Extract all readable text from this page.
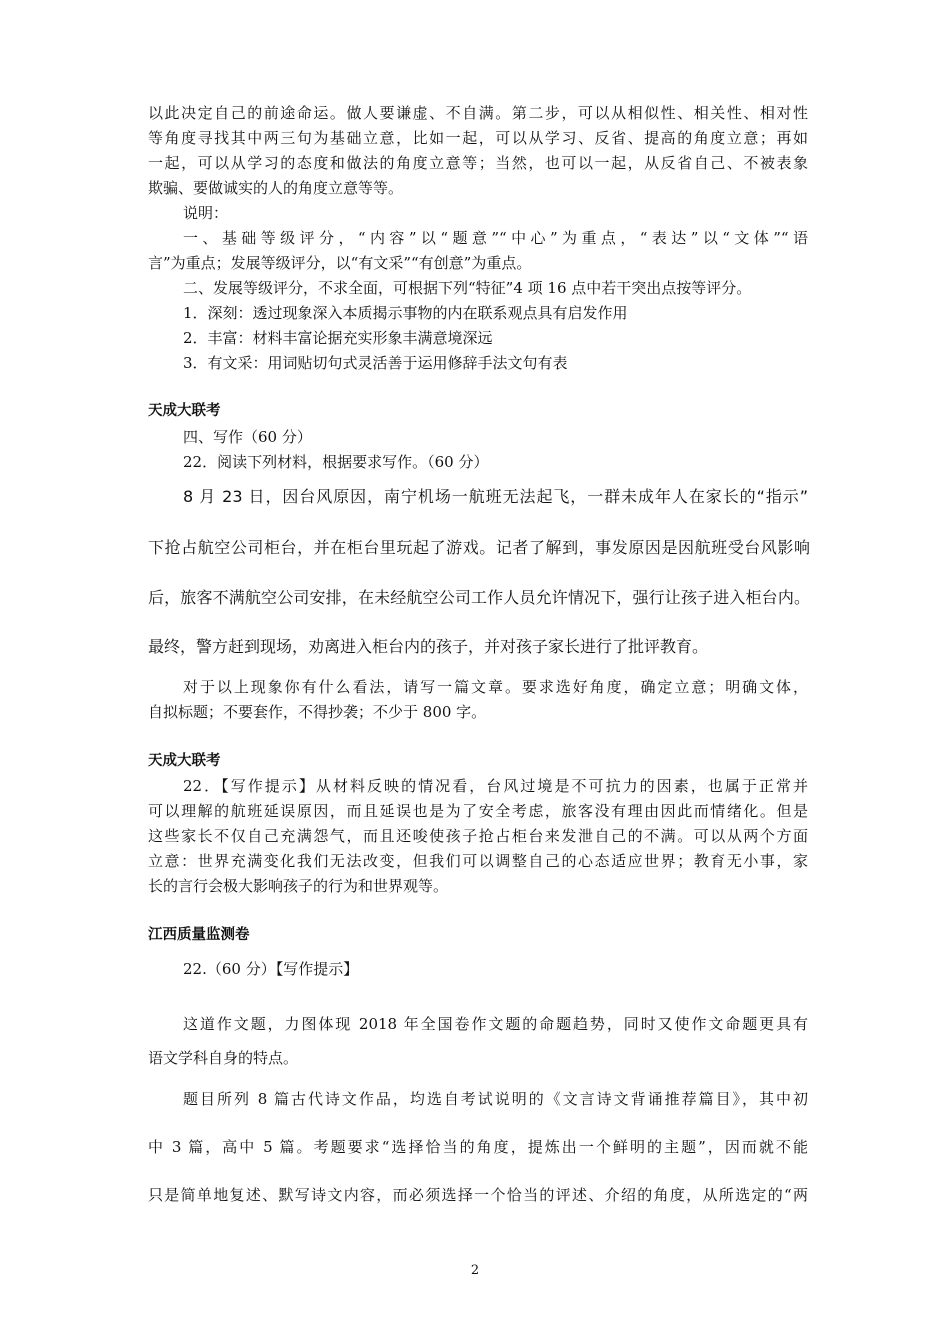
以此决定自己的前途命运。做人要谦虚、不自满。第二步，可以从相似性、相关性、相对性
等角度寻找其中两三句为基础立意，比如一起，可以从学习、反省、提高的角度立意；再如
一起，可以从学习的态度和做法的角度立意等；当然，也可以一起，从反省自己、不被表象
欺骗、要做诚实的人的角度立意等等。
说明：
一、基础等级评分，“内容”以“题意”“中心”为重点，“表达”以“文体”“语
言”为重点；发展等级评分，以“有文采”“有创意”为重点。
二、发展等级评分，不求全面，可根据下列“特征”4 项 16 点中若干突出点按等评分。
1．深刻：透过现象深入本质揭示事物的内在联系观点具有启发作用
2．丰富：材料丰富论据充实形象丰满意境深远
3．有文采：用词贴切句式灵活善于运用修辞手法文句有表
天成大联考
四、写作（60 分）
22．阅读下列材料，根据要求写作。（60 分）
8 月 23 日，因台风原因，南宁机场一航班无法起飞，一群未成年人在家长的“指示”
下抢占航空公司柜台，并在柜台里玩起了游戏。记者了解到，事发原因是因航班受台风影响
后，旅客不满航空公司安排，在未经航空公司工作人员允许情况下，强行让孩子进入柜台内。
最终，警方赶到现场，劝离进入柜台内的孩子，并对孩子家长进行了批评教育。
对于以上现象你有什么看法，请写一篇文章。要求选好角度，确定立意；明确文体，
自拟标题；不要套作，不得抄袭；不少于 800 字。
天成大联考
22．【写作提示】从材料反映的情况看，台风过境是不可抗力的因素，也属于正常并
可以理解的航班延误原因，而且延误也是为了安全考虑，旅客没有理由因此而情绪化。但是
这些家长不仅自己充满怨气，而且还唆使孩子抢占柜台来发泄自己的不满。可以从两个方面
立意：世界充满变化我们无法改变，但我们可以调整自己的心态适应世界；教育无小事，家
长的言行会极大影响孩子的行为和世界观等。
江西质量监测卷
22.（60 分）【写作提示】
这道作文题，力图体现 2018 年全国卷作文题的命题趋势，同时又使作文命题更具有
语文学科自身的特点。
题目所列 8 篇古代诗文作品，均选自考试说明的《文言诗文背诵推荐篇目》，其中初
中 3 篇，高中 5 篇。考题要求“选择恰当的角度，提炼出一个鲜明的主题”，因而就不能
只是简单地复述、默写诗文内容，而必须选择一个恰当的评述、介绍的角度，从所选定的“两
2
